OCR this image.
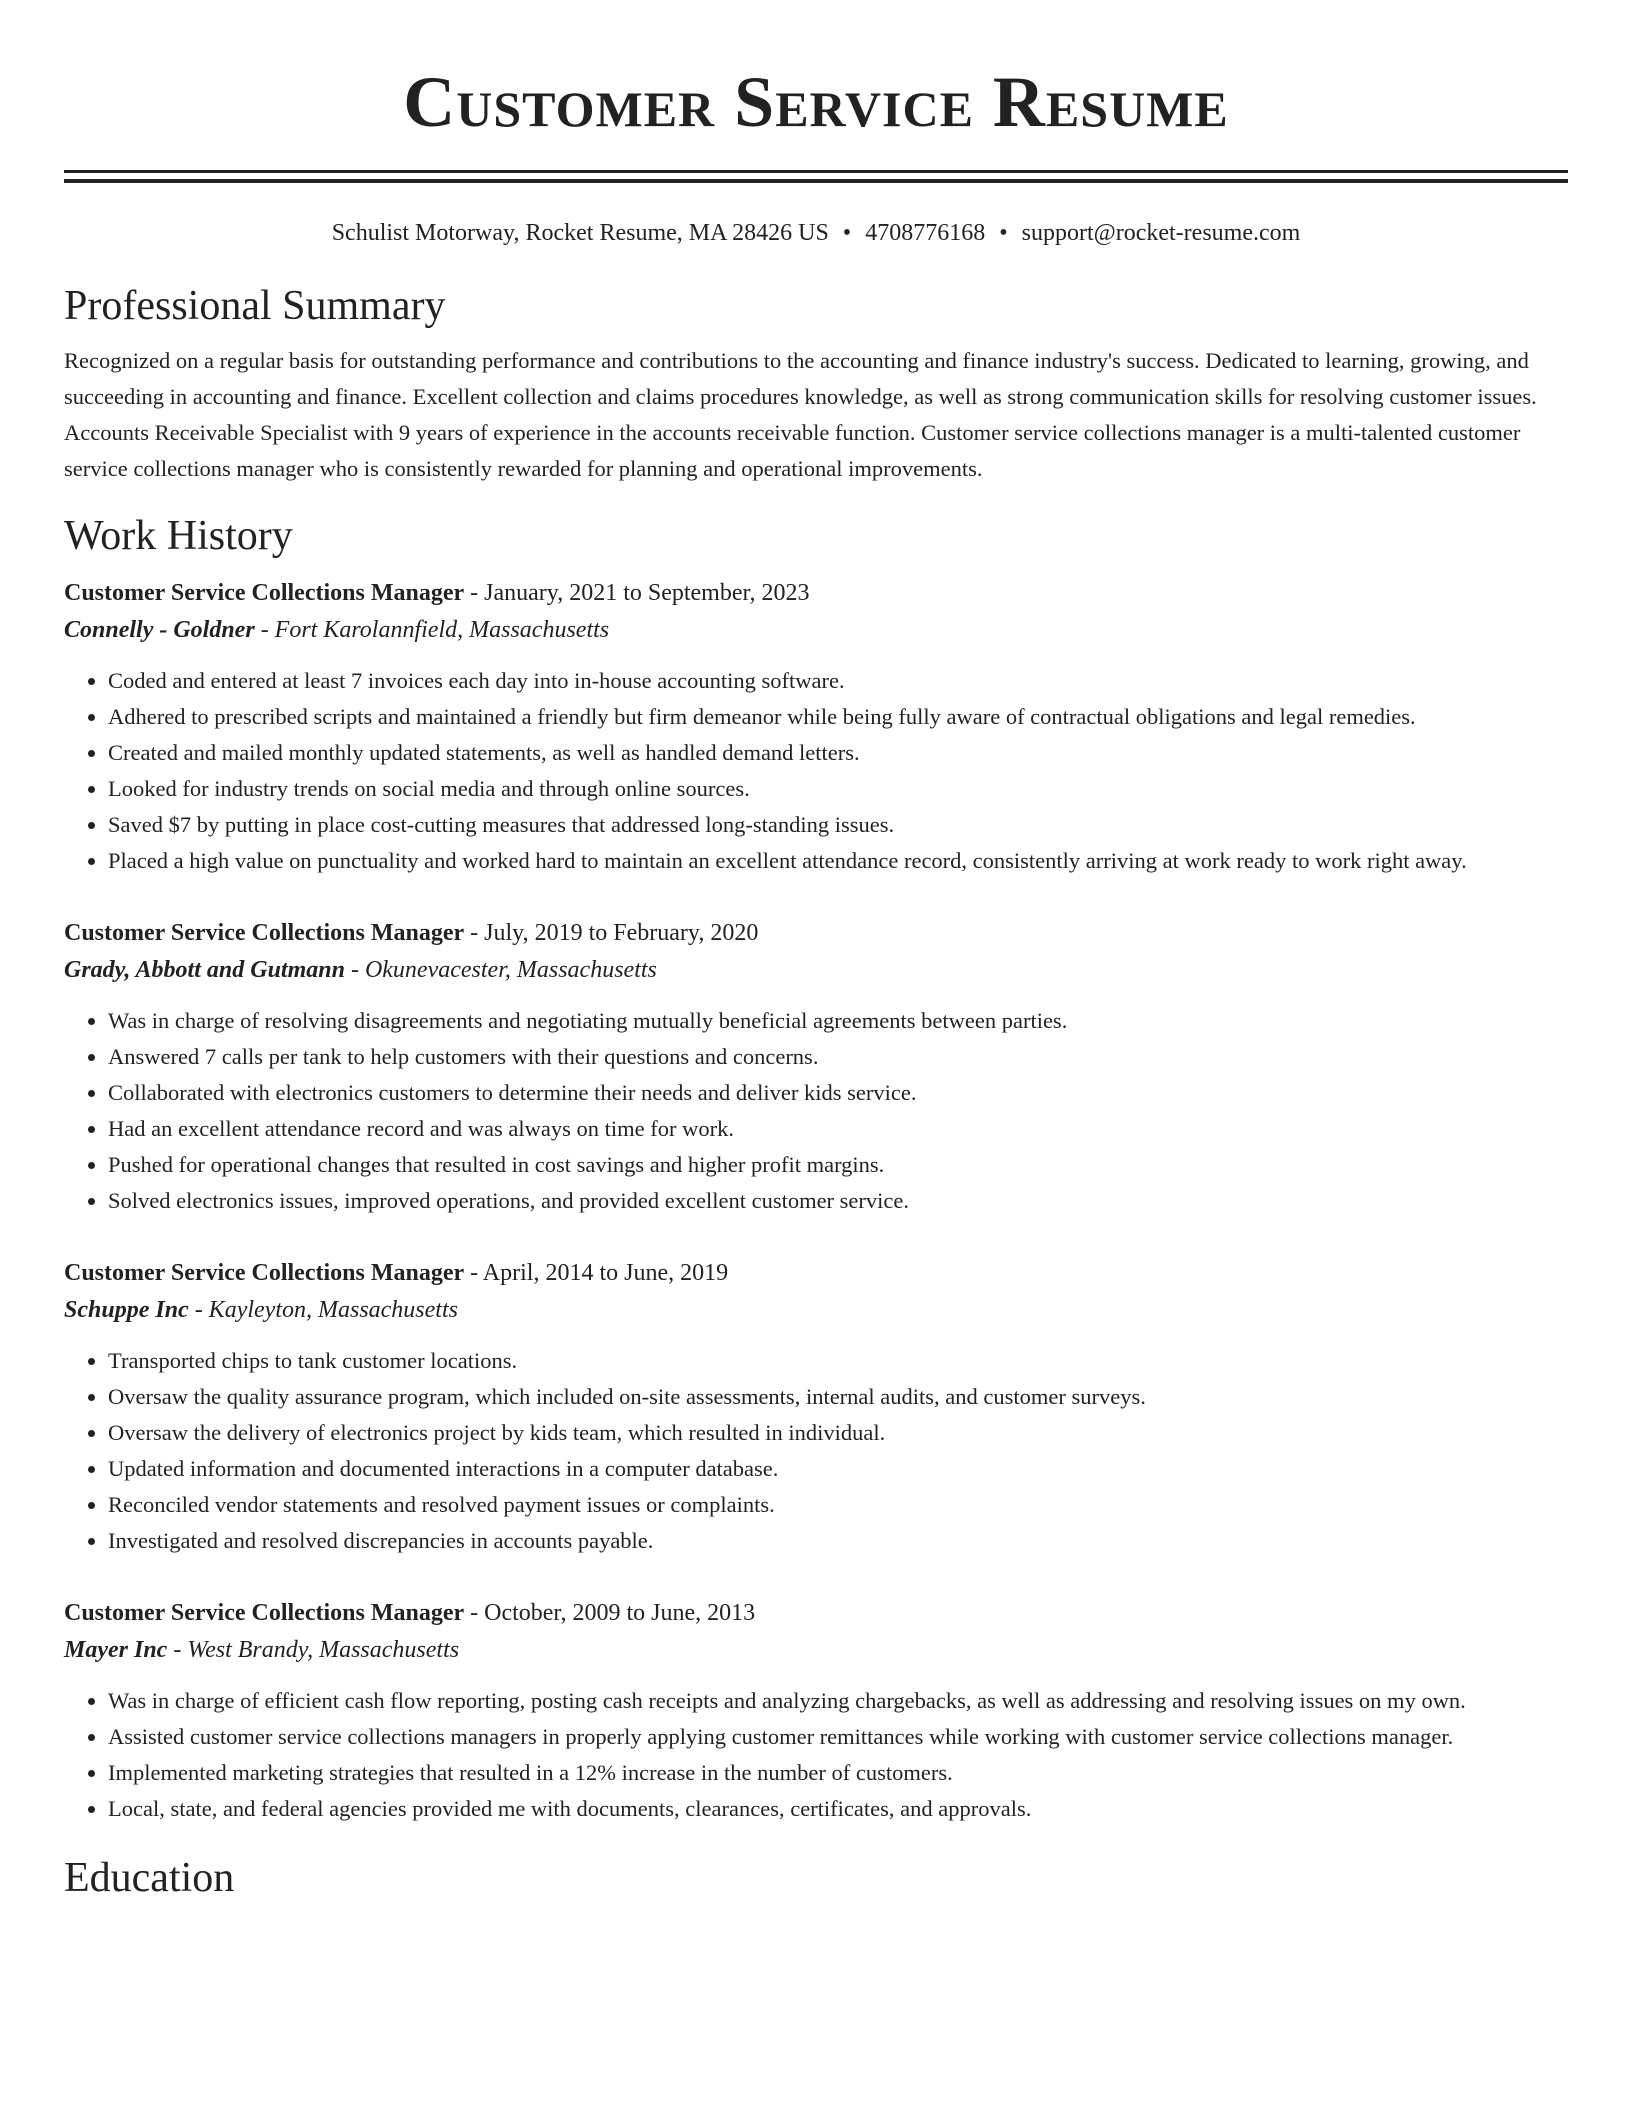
Customer Service Resume
Schulist Motorway, Rocket Resume, MA 28426 US • 4708776168 • support@rocket-resume.com
Professional Summary

Recognized on a regular basis for outstanding performance and contributions to the accounting and finance industry's success. Dedicated to learning, growing, and succeeding in accounting and finance. Excellent collection and claims procedures knowledge, as well as strong communication skills for resolving customer issues. Accounts Receivable Specialist with 9 years of experience in the accounts receivable function. Customer service collections manager is a multi-talented customer service collections manager who is consistently rewarded for planning and operational improvements.

Work History
Customer Service Collections Manager - January, 2021 to September, 2023
Connelly - Goldner - Fort Karolannfield, Massachusetts
• Coded and entered at least 7 invoices each day into in-house accounting software.
• Adhered to prescribed scripts and maintained a friendly but firm demeanor while being fully aware of contractual obligations and legal remedies.
• Created and mailed monthly updated statements, as well as handled demand letters.
• Looked for industry trends on social media and through online sources.
• Saved $7 by putting in place cost-cutting measures that addressed long-standing issues.
• Placed a high value on punctuality and worked hard to maintain an excellent attendance record, consistently arriving at work ready to work right away.
Customer Service Collections Manager - July, 2019 to February, 2020
Grady, Abbott and Gutmann - Okunevacester, Massachusetts
• Was in charge of resolving disagreements and negotiating mutually beneficial agreements between parties.
• Answered 7 calls per tank to help customers with their questions and concerns.
• Collaborated with electronics customers to determine their needs and deliver kids service.
• Had an excellent attendance record and was always on time for work.
• Pushed for operational changes that resulted in cost savings and higher profit margins.
• Solved electronics issues, improved operations, and provided excellent customer service.
Customer Service Collections Manager - April, 2014 to June, 2019
Schuppe Inc - Kayleyton, Massachusetts
• Transported chips to tank customer locations.
• Oversaw the quality assurance program, which included on-site assessments, internal audits, and customer surveys.
• Oversaw the delivery of electronics project by kids team, which resulted in individual.
• Updated information and documented interactions in a computer database.
• Reconciled vendor statements and resolved payment issues or complaints.
• Investigated and resolved discrepancies in accounts payable.
Customer Service Collections Manager - October, 2009 to June, 2013
Mayer Inc - West Brandy, Massachusetts
• Was in charge of efficient cash flow reporting, posting cash receipts and analyzing chargebacks, as well as addressing and resolving issues on my own.
• Assisted customer service collections managers in properly applying customer remittances while working with customer service collections manager.
• Implemented marketing strategies that resulted in a 12% increase in the number of customers.
• Local, state, and federal agencies provided me with documents, clearances, certificates, and approvals.
Education
